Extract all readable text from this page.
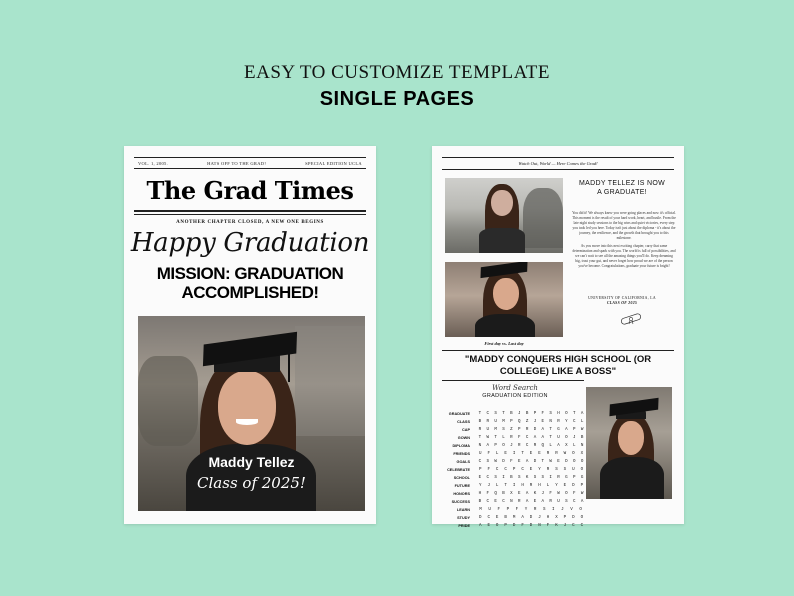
EASY TO CUSTOMIZE TEMPLATE
SINGLE PAGES
VOL. 1, 2005.	HATS OFF TO THE GRAD!	SPECIAL EDITION UCLA
The Grad Times
ANOTHER CHAPTER CLOSED, A NEW ONE BEGINS
Happy Graduation
MISSION: GRADUATION
ACCOMPLISHED!
Maddy Tellez
Class of 2025!
Watch Out, World — Here Comes the Grad!
MADDY TELLEZ IS NOW
A GRADUATE!

You did it! We always knew you were going places and now it's official. This moment is the result of your hard work, heart, and hustle. From the late night study sessions to the big wins and quiet victories, every step you took led you here. Today isn't just about the diploma - it's about the journey, the resilience, and the growth that brought you to this milestone.

As you move into this next exciting chapter, carry that same determination and spark with you. The world is full of possibilities, and we can't wait to see all the amazing things you'll do. Keep dreaming big, trust your gut, and never forget how proud we are of the person you've become. Congratulations, graduate your future is bright!

UNIVERSITY OF CALIFORNIA, LA
CLASS OF 2025
First day vs. Last day
"MADDY CONQUERS HIGH SCHOOL (OR
COLLEGE) LIKE A BOSS"
Word Search
GRADUATION EDITION
GRADUATE
CLASS
CAP
GOWN
DIPLOMA
FRIENDS
GOALS
CELEBRATE
SCHOOL
FUTURE
HONORS
SUCCESS
LEARN
STUDY
PRIDE
T	C	S	T	B	J	B	P	F	S	H	O	T	A
B	R	U	M	P	Q	Z	J	E	N	R	Y	C	L
R	U	M	S	Z	P	R	D	A	T	G	A	P	W
T	W	T	L	R	F	C	A	A	T	U	O	J	B
N	A	P	O	J	R	C	R	Q	L	A	X	L	N
U	F	L	E	I	T	E	E	R	R	W	O	X
C	S	W	D	F	E	A	D	T	W	E	D	O	O
P	F	C	C	P	C	E	Y	R	S	S	U	O
E	C	S	I	B	S	K	S	S	I	R	G	P	G
Y	J	L	T	I	H	R	H	L	Y	E	D	P
H	F	Q	B	X	E	A	K	J	F	W	O	F	W
B	C	E	C	N	R	A	E	A	R	U	S	C	A
M	U	F	P	F	Y	R	S	I	J	V	O
D	C	E	B	M	A	D	J	H	X	P	D	O
A	E	O	P	D	F	D	N	F	K	J	C	C
